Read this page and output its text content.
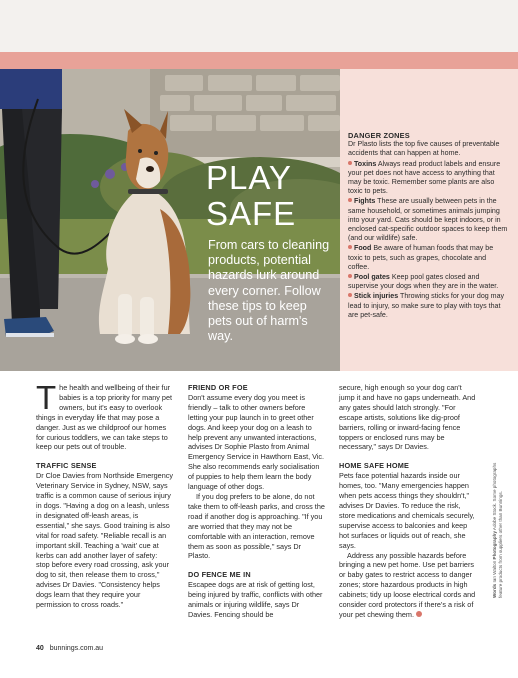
PLAY
SAFE
From cars to cleaning products, potential hazards lurk around every corner. Follow these tips to keep pets out of harm's way.
DANGER ZONES
Dr Plasto lists the top five causes of preventable accidents that can happen at home.
Toxins Always read product labels and ensure your pet does not have access to anything that may be toxic. Remember some plants are also toxic to pets.
Fights These are usually between pets in the same household, or sometimes animals jumping into your yard. Cats should be kept indoors, or in enclosed cat-specific outdoor spaces to keep them (and our wildlife) safe.
Food Be aware of human foods that may be toxic to pets, such as grapes, chocolate and coffee.
Pool gates Keep pool gates closed and supervise your dogs when they are in the water.
Stick injuries Throwing sticks for your dog may lead to injury, so make sure to play with toys that are pet-safe.

The health and wellbeing of their fur babies is a top priority for many pet owners, but it's easy to overlook things in everyday life that may pose a danger. Just as we childproof our homes for curious toddlers, we can take steps to keep our pets out of trouble.

TRAFFIC SENSE

Dr Cloe Davies from Northside Emergency Veterinary Service in Sydney, NSW, says traffic is a common cause of serious injury in dogs. "Having a dog on a leash, unless in designated off-leash areas, is essential," she says. Good training is also vital for road safety. "Reliable recall is an important skill. Teaching a 'wait' cue at kerbs can add another layer of safety: stop before every road crossing, ask your dog to sit, then release them to cross," advises Dr Davies. "Consistency helps dogs learn that they require your permission to cross roads."

FRIEND OR FOE

Don't assume every dog you meet is friendly – talk to other owners before letting your pup launch in to greet other dogs. And keep your dog on a leash to help prevent any unwanted interactions, advises Dr Sophie Plasto from Animal Emergency Service in Hawthorn East, Vic. She also recommends early socialisation of puppies to help them learn the body language of other dogs.

If you dog prefers to be alone, do not take them to off-leash parks, and cross the road if another dog is approaching. "If you are worried that they may not be comfortable with an interaction, remove them as soon as possible," says Dr Plasto.

DO FENCE ME IN

Escapee dogs are at risk of getting lost, being injured by traffic, conflicts with other animals or injuring wildlife, says Dr Davies. Fencing should be

secure, high enough so your dog can't jump it and have no gaps underneath. And any gates should latch strongly. "For escape artists, solutions like dig-proof barriers, rolling or inward-facing fence toppers or enclosed runs may be necessary," says Dr Davies.

HOME SAFE HOME

Pets face potential hazards inside our homes, too. "Many emergencies happen when pets access things they shouldn't," advises Dr Davies. To reduce the risk, store medications and chemicals securely, supervise access to balconies and keep hot surfaces or liquids out of reach, she says.

Address any possible hazards before bringing a new pet home. Use pet barriers or baby gates to restrict access to danger zones; store hazardous products in high cabinets; tidy up loose electrical cords and consider cord protectors if there's a risk of your pet chewing them.

40 bunnings.com.au
Words Ian Walton Photography Adobe Stock. Some photographs feature products from suppliers other than Bunnings.
